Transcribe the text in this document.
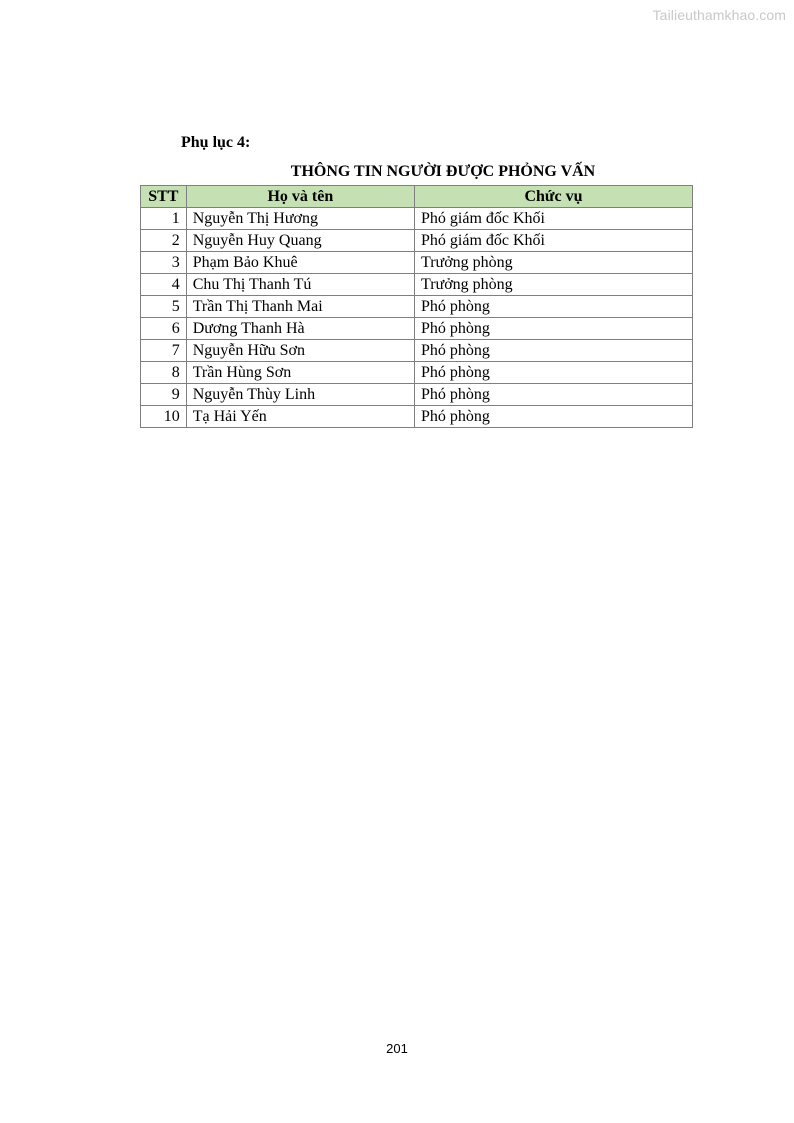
Tailieuthamkhao.com
Phụ lục 4:
THÔNG TIN NGƯỜI ĐƯỢC PHỎNG VẤN
STT	Họ và tên	Chức vụ
1	Nguyễn Thị Hương	Phó giám đốc Khối
2	Nguyễn Huy Quang	Phó giám đốc Khối
3	Phạm Bảo Khuê	Trưởng phòng
4	Chu Thị Thanh Tú	Trưởng phòng
5	Trần Thị Thanh Mai	Phó phòng
6	Dương Thanh Hà	Phó phòng
7	Nguyễn Hữu Sơn	Phó phòng
8	Trần Hùng Sơn	Phó phòng
9	Nguyễn Thùy Linh	Phó phòng
10	Tạ Hải Yến	Phó phòng
201
